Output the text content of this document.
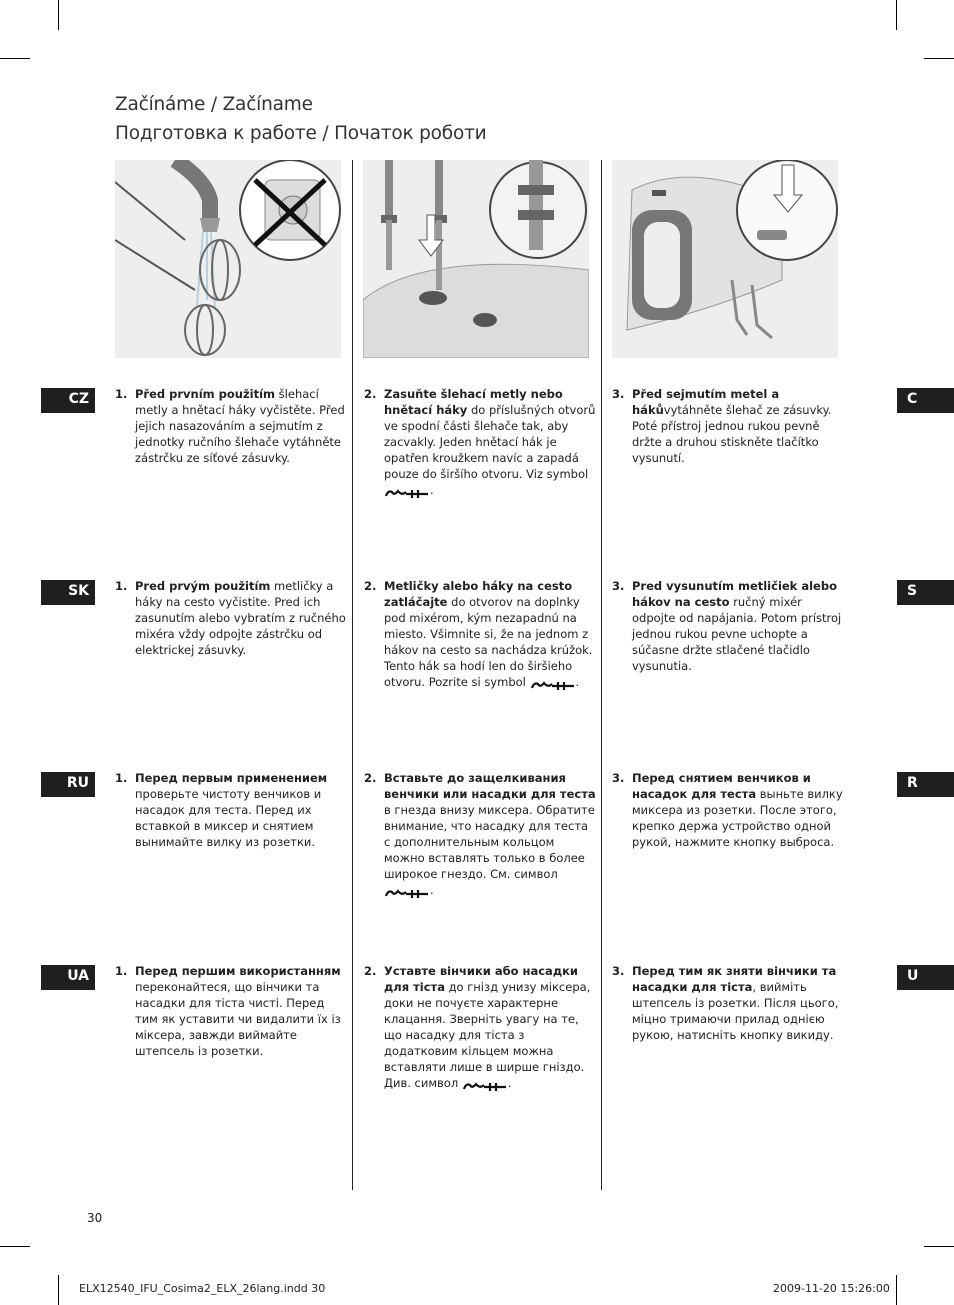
Začínáme / Začíname
Подготовка к работе / Початок роботи
CZ	C
1. Před prvním použitím šlehací metly a hnětací háky vyčistěte. Před jejich nasazováním a sejmutím z jednotky ručního šlehače vytáhněte zástrčku ze síťové zásuvky.
2. Zasuňte šlehací metly nebo hnětací háky do příslušných otvorů ve spodní části šlehače tak, aby zacvakly. Jeden hnětací hák je opatřen kroužkem navíc a zapadá pouze do širšího otvoru. Viz symbol .
3. Před sejmutím metel a hákůvytáhněte šlehač ze zásuvky. Poté přístroj jednou rukou pevně držte a druhou stiskněte tlačítko vysunutí.
SK	S
1. Pred prvým použitím metličky a háky na cesto vyčistite. Pred ich zasunutím alebo vybratím z ručného mixéra vždy odpojte zástrčku od elektrickej zásuvky.
2. Metličky alebo háky na cesto zatláčajte do otvorov na doplnky pod mixérom, kým nezapadnú na miesto. Všimnite si, že na jednom z hákov na cesto sa nachádza krúžok. Tento hák sa hodí len do širšieho otvoru. Pozrite si symbol	.
3. Pred vysunutím metličiek alebo hákov na cesto ručný mixér odpojte od napájania. Potom prístroj jednou rukou pevne uchopte a súčasne držte stlačené tlačidlo vysunutia.
RU	R
1. Перед первым применением проверьте чистоту венчиков и насадок для теста. Перед их вставкой в миксер и снятием вынимайте вилку из розетки.
2. Вставьте до защелкивания венчики или насадки для теста в гнезда внизу миксера. Обратите внимание, что насадку для теста с дополнительным кольцом можно вставлять только в более широкое гнездо. См. символ .
3. Перед снятием венчиков и насадок для теста выньте вилку миксера из розетки. После этого, крепко держа устройство одной рукой, нажмите кнопку выброса.
UA	U
1. Перед першим використанням переконайтеся, що вінчики та насадки для тіста чисті. Перед тим як уставити чи видалити їх із міксера, завжди виймайте штепсель із розетки.
2. Уставте вінчики або насадки для тіста до гнізд унизу міксера, доки не почуєте характерне клацання. Зверніть увагу на те, що насадку для тіста з додатковим кільцем можна вставляти лише в ширше гніздо. Див. символ	.
3. Перед тим як зняти вінчики та насадки для тіста, вийміть штепсель із розетки. Після цього, міцно тримаючи прилад однією рукою, натисніть кнопку викиду.
30
ELX12540_IFU_Cosima2_ELX_26lang.indd 30	2009-11-20 15:26:00
